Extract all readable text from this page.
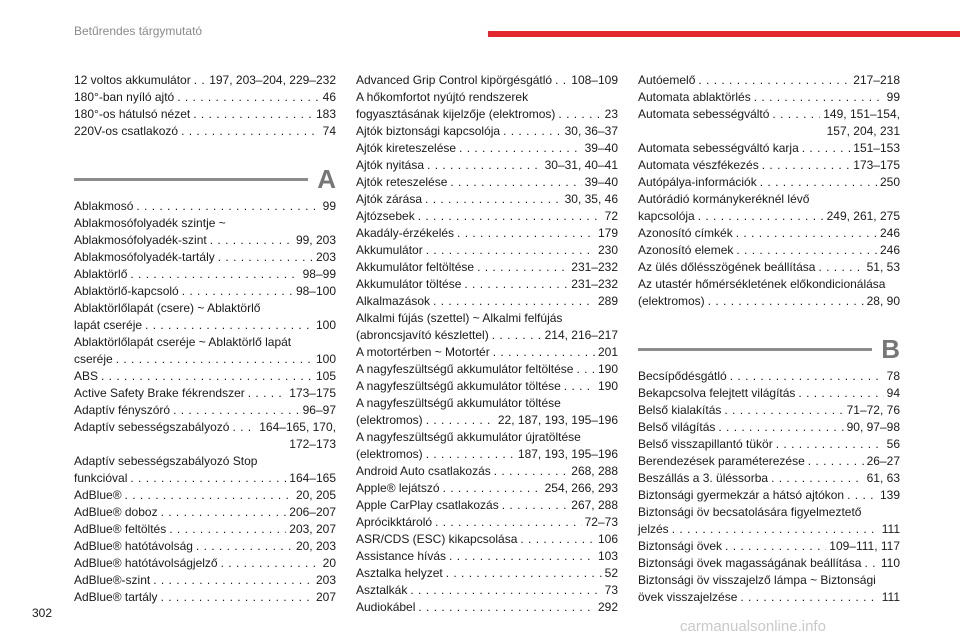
Betűrendes tárgymutató
12 voltos akkumulátor . . . 197, 203–204, 229–232
180°-ban nyíló ajtó . . .	46
180°-os hátulsó nézet . . .	183
220V-os csatlakozó . . .	74
A
Ablakmosó . . .	99
Ablakmosófolyadék szintje ~
Ablakmosófolyadék-szint . . .	99, 203
Ablakmosófolyadék-tartály . . .	203
Ablaktörlő . . .	98–99
Ablaktörlő-kapcsoló . . .	98–100
Ablaktörlőlapát (csere) ~ Ablaktörlő
lapát cseréje . . .	100
Ablaktörlőlapát cseréje ~ Ablaktörlő lapát
cseréje . . .	100
ABS . . .	105
Active Safety Brake fékrendszer . . .	173–175
Adaptív fényszóró . . .	96–97
Adaptív sebességszabályozó . . . 164–165, 170,
172–173
Adaptív sebességszabályozó Stop
funkcióval . . .	164–165
AdBlue® . . .	20, 205
AdBlue® doboz . . .	206–207
AdBlue® feltöltés . . .	203, 207
AdBlue® hatótávolság . . .	20, 203
AdBlue® hatótávolságjelző . . .	20
AdBlue®-szint . . .	203
AdBlue® tartály . . .	207
Advanced Grip Control kipörgésgátló . . . 108–109
A hőkomfortot nyújtó rendszerek
fogyasztásának kijelzője (elektromos) . . .	23
Ajtók biztonsági kapcsolója . . .	30, 36–37
Ajtók kireteszelése . . .	39–40
Ajtók nyitása . . .	30–31, 40–41
Ajtók reteszelése . . .	39–40
Ajtók zárása . . .	30, 35, 46
Ajtózsebek . . .	72
Akadály-érzékelés . . .	179
Akkumulátor . . .	230
Akkumulátor feltöltése . . .	231–232
Akkumulátor töltése . . .	231–232
Alkalmazások . . .	289
Alkalmi fújás (szettel) ~ Alkalmi felfújás
(abroncsjavító készlettel) . . .	214, 216–217
A motortérben ~ Motortér . . .	201
A nagyfeszültségű akkumulátor feltöltése . . . 190
A nagyfeszültségű akkumulátor töltése . . .	190
A nagyfeszültségű akkumulátor töltése
(elektromos) . . .	22, 187, 193, 195–196
A nagyfeszültségű akkumulátor újratöltése
(elektromos) . . .	187, 193, 195–196
Android Auto csatlakozás . . .	268, 288
Apple® lejátszó . . .	254, 266, 293
Apple CarPlay csatlakozás . . .	267, 288
Aprócikktároló . . .	72–73
ASR/CDS (ESC) kikapcsolása . . .	106
Assistance hívás . . .	103
Asztalka helyzet . . .	52
Asztalkák . . .	73
Audiokábel . . .	292
Autóemelő . . .	217–218
Automata ablaktörlés . . .	99
Automata sebességváltó . . .	149, 151–154,
157, 204, 231
Automata sebességváltó karja . . .	151–153
Automata vészfékezés . . .	173–175
Autópálya-információk . . .	250
Autórádió kormánykeréknél lévő
kapcsolója . . .	249, 261, 275
Azonosító címkék . . .	246
Azonosító elemek . . .	246
Az ülés dőlésszögének beállítása . . .	51, 53
Az utastér hőmérsékletének előkondicionálása
(elektromos) . . .	28, 90
B
Becsípődésgátló . . .	78
Bekapcsolva felejtett világítás . . .	94
Belső kialakítás . . .	71–72, 76
Belső világítás . . .	90, 97–98
Belső visszapillantó tükör . . .	56
Berendezések paraméterezése . . .	26–27
Beszállás a 3. üléssorba . . .	61, 63
Biztonsági gyermekzár a hátsó ajtókon . . .	139
Biztonsági öv becsatolására figyelmeztető
jelzés . . .	111
Biztonsági övek . . .	109–111, 117
Biztonsági övek magasságának beállítása . . . 110
Biztonsági öv visszajelző lámpa ~ Biztonsági
övek visszajelzése . . .	111
302
carmanualsonline.info
